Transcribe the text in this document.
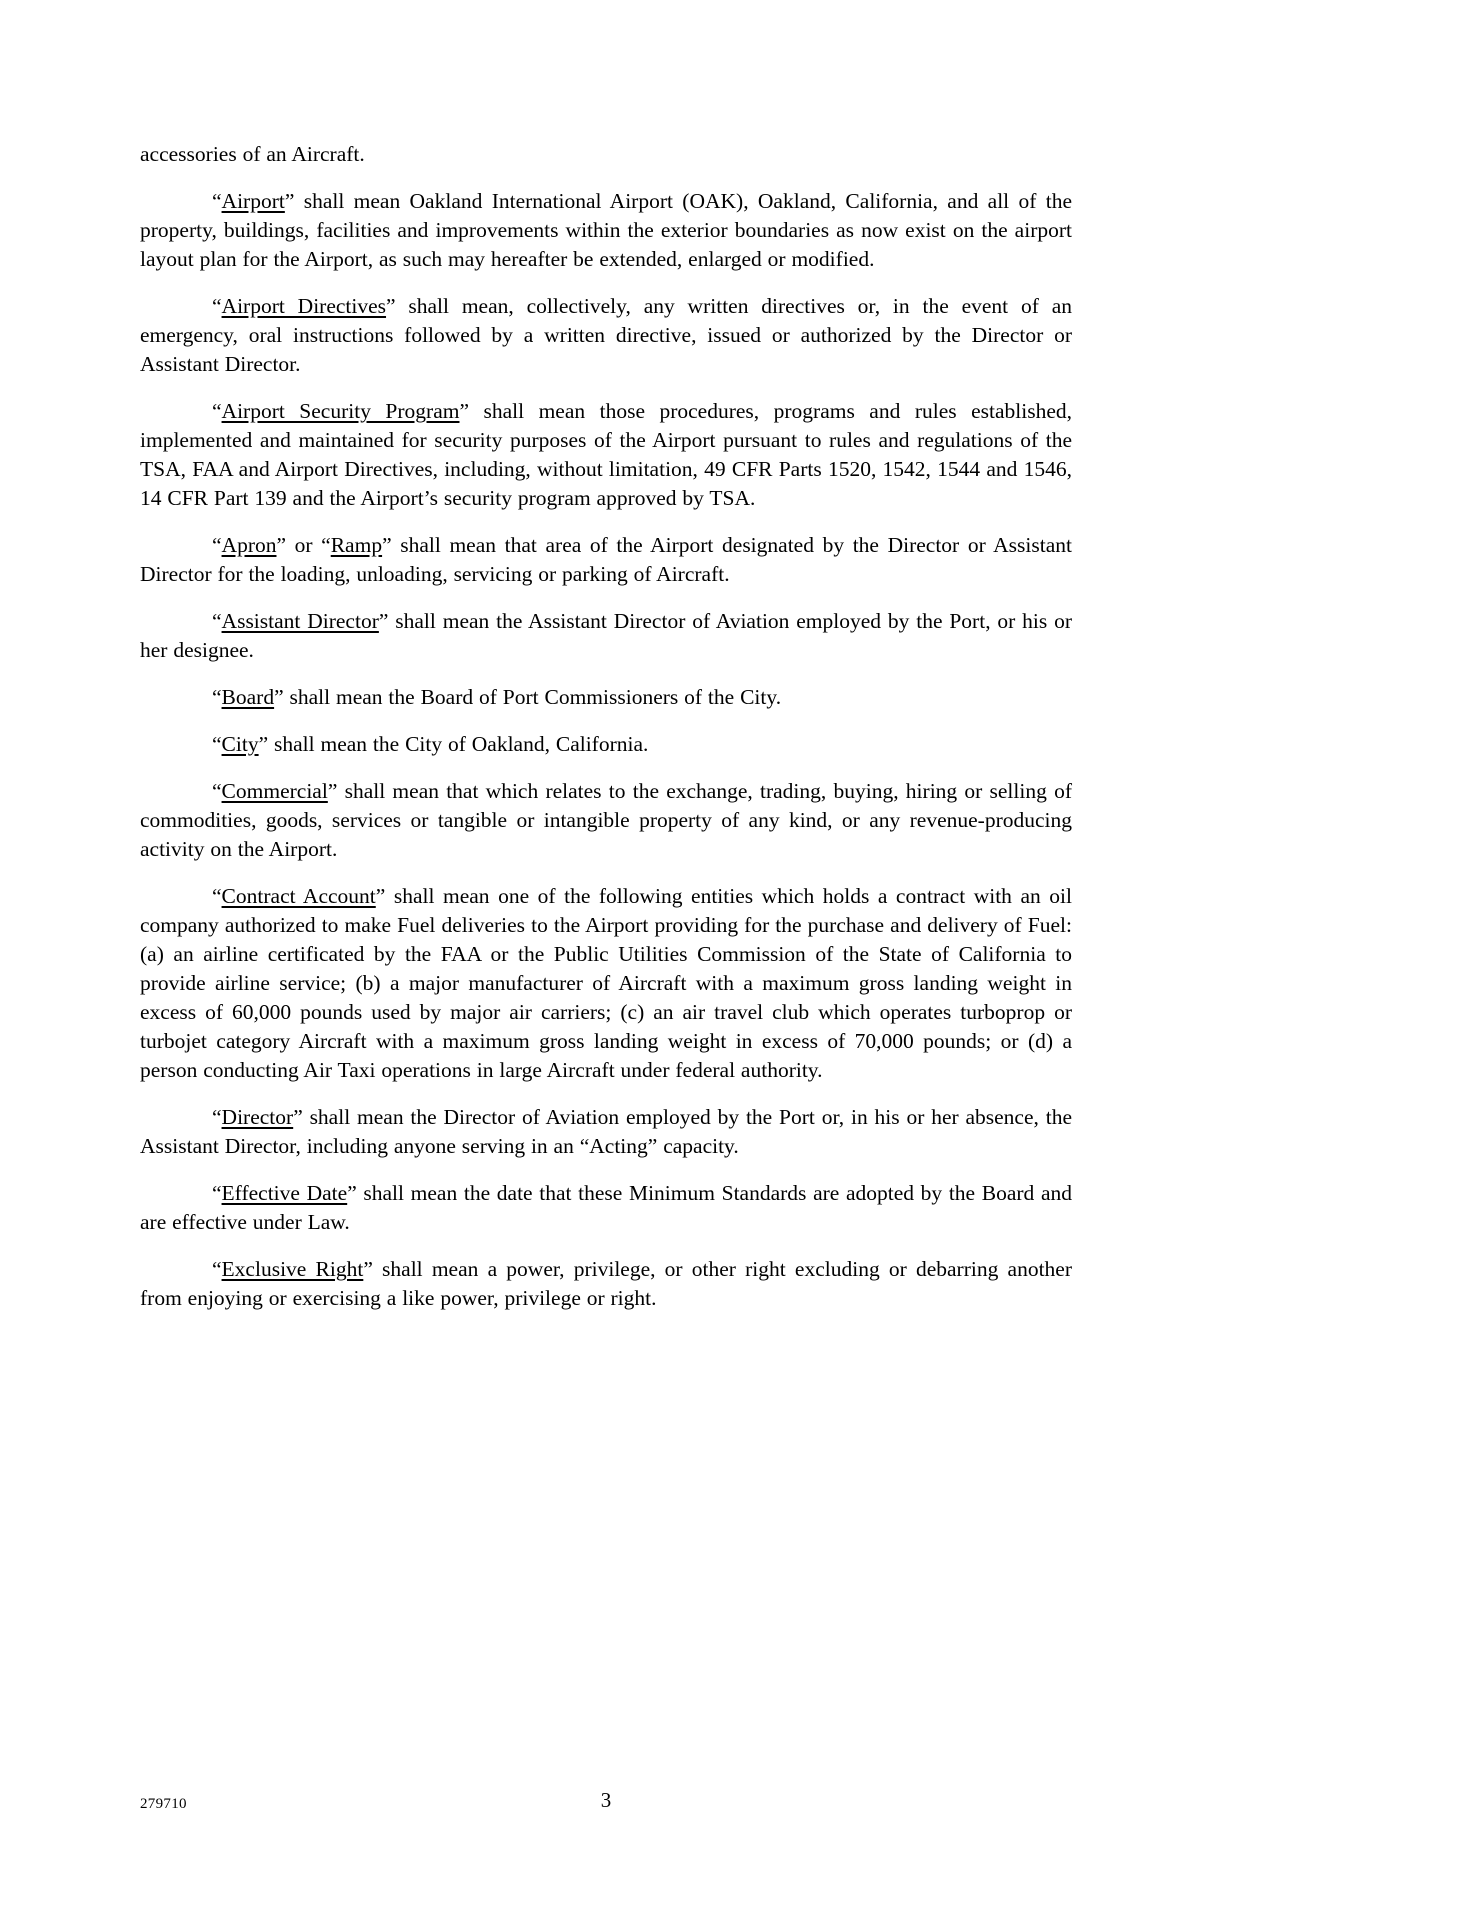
accessories of an Aircraft.

“Airport” shall mean Oakland International Airport (OAK), Oakland, California, and all of the property, buildings, facilities and improvements within the exterior boundaries as now exist on the airport layout plan for the Airport, as such may hereafter be extended, enlarged or modified.

“Airport Directives” shall mean, collectively, any written directives or, in the event of an emergency, oral instructions followed by a written directive, issued or authorized by the Director or Assistant Director.

“Airport Security Program” shall mean those procedures, programs and rules established, implemented and maintained for security purposes of the Airport pursuant to rules and regulations of the TSA, FAA and Airport Directives, including, without limitation, 49 CFR Parts 1520, 1542, 1544 and 1546, 14 CFR Part 139 and the Airport’s security program approved by TSA.

“Apron” or “Ramp” shall mean that area of the Airport designated by the Director or Assistant Director for the loading, unloading, servicing or parking of Aircraft.

“Assistant Director” shall mean the Assistant Director of Aviation employed by the Port, or his or her designee.

“Board” shall mean the Board of Port Commissioners of the City.

“City” shall mean the City of Oakland, California.

“Commercial” shall mean that which relates to the exchange, trading, buying, hiring or selling of commodities, goods, services or tangible or intangible property of any kind, or any revenue-producing activity on the Airport.

“Contract Account” shall mean one of the following entities which holds a contract with an oil company authorized to make Fuel deliveries to the Airport providing for the purchase and delivery of Fuel: (a) an airline certificated by the FAA or the Public Utilities Commission of the State of California to provide airline service; (b) a major manufacturer of Aircraft with a maximum gross landing weight in excess of 60,000 pounds used by major air carriers; (c) an air travel club which operates turboprop or turbojet category Aircraft with a maximum gross landing weight in excess of 70,000 pounds; or (d) a person conducting Air Taxi operations in large Aircraft under federal authority.

“Director” shall mean the Director of Aviation employed by the Port or, in his or her absence, the Assistant Director, including anyone serving in an “Acting” capacity.

“Effective Date” shall mean the date that these Minimum Standards are adopted by the Board and are effective under Law.

“Exclusive Right” shall mean a power, privilege, or other right excluding or debarring another from enjoying or exercising a like power, privilege or right.

279710	3
